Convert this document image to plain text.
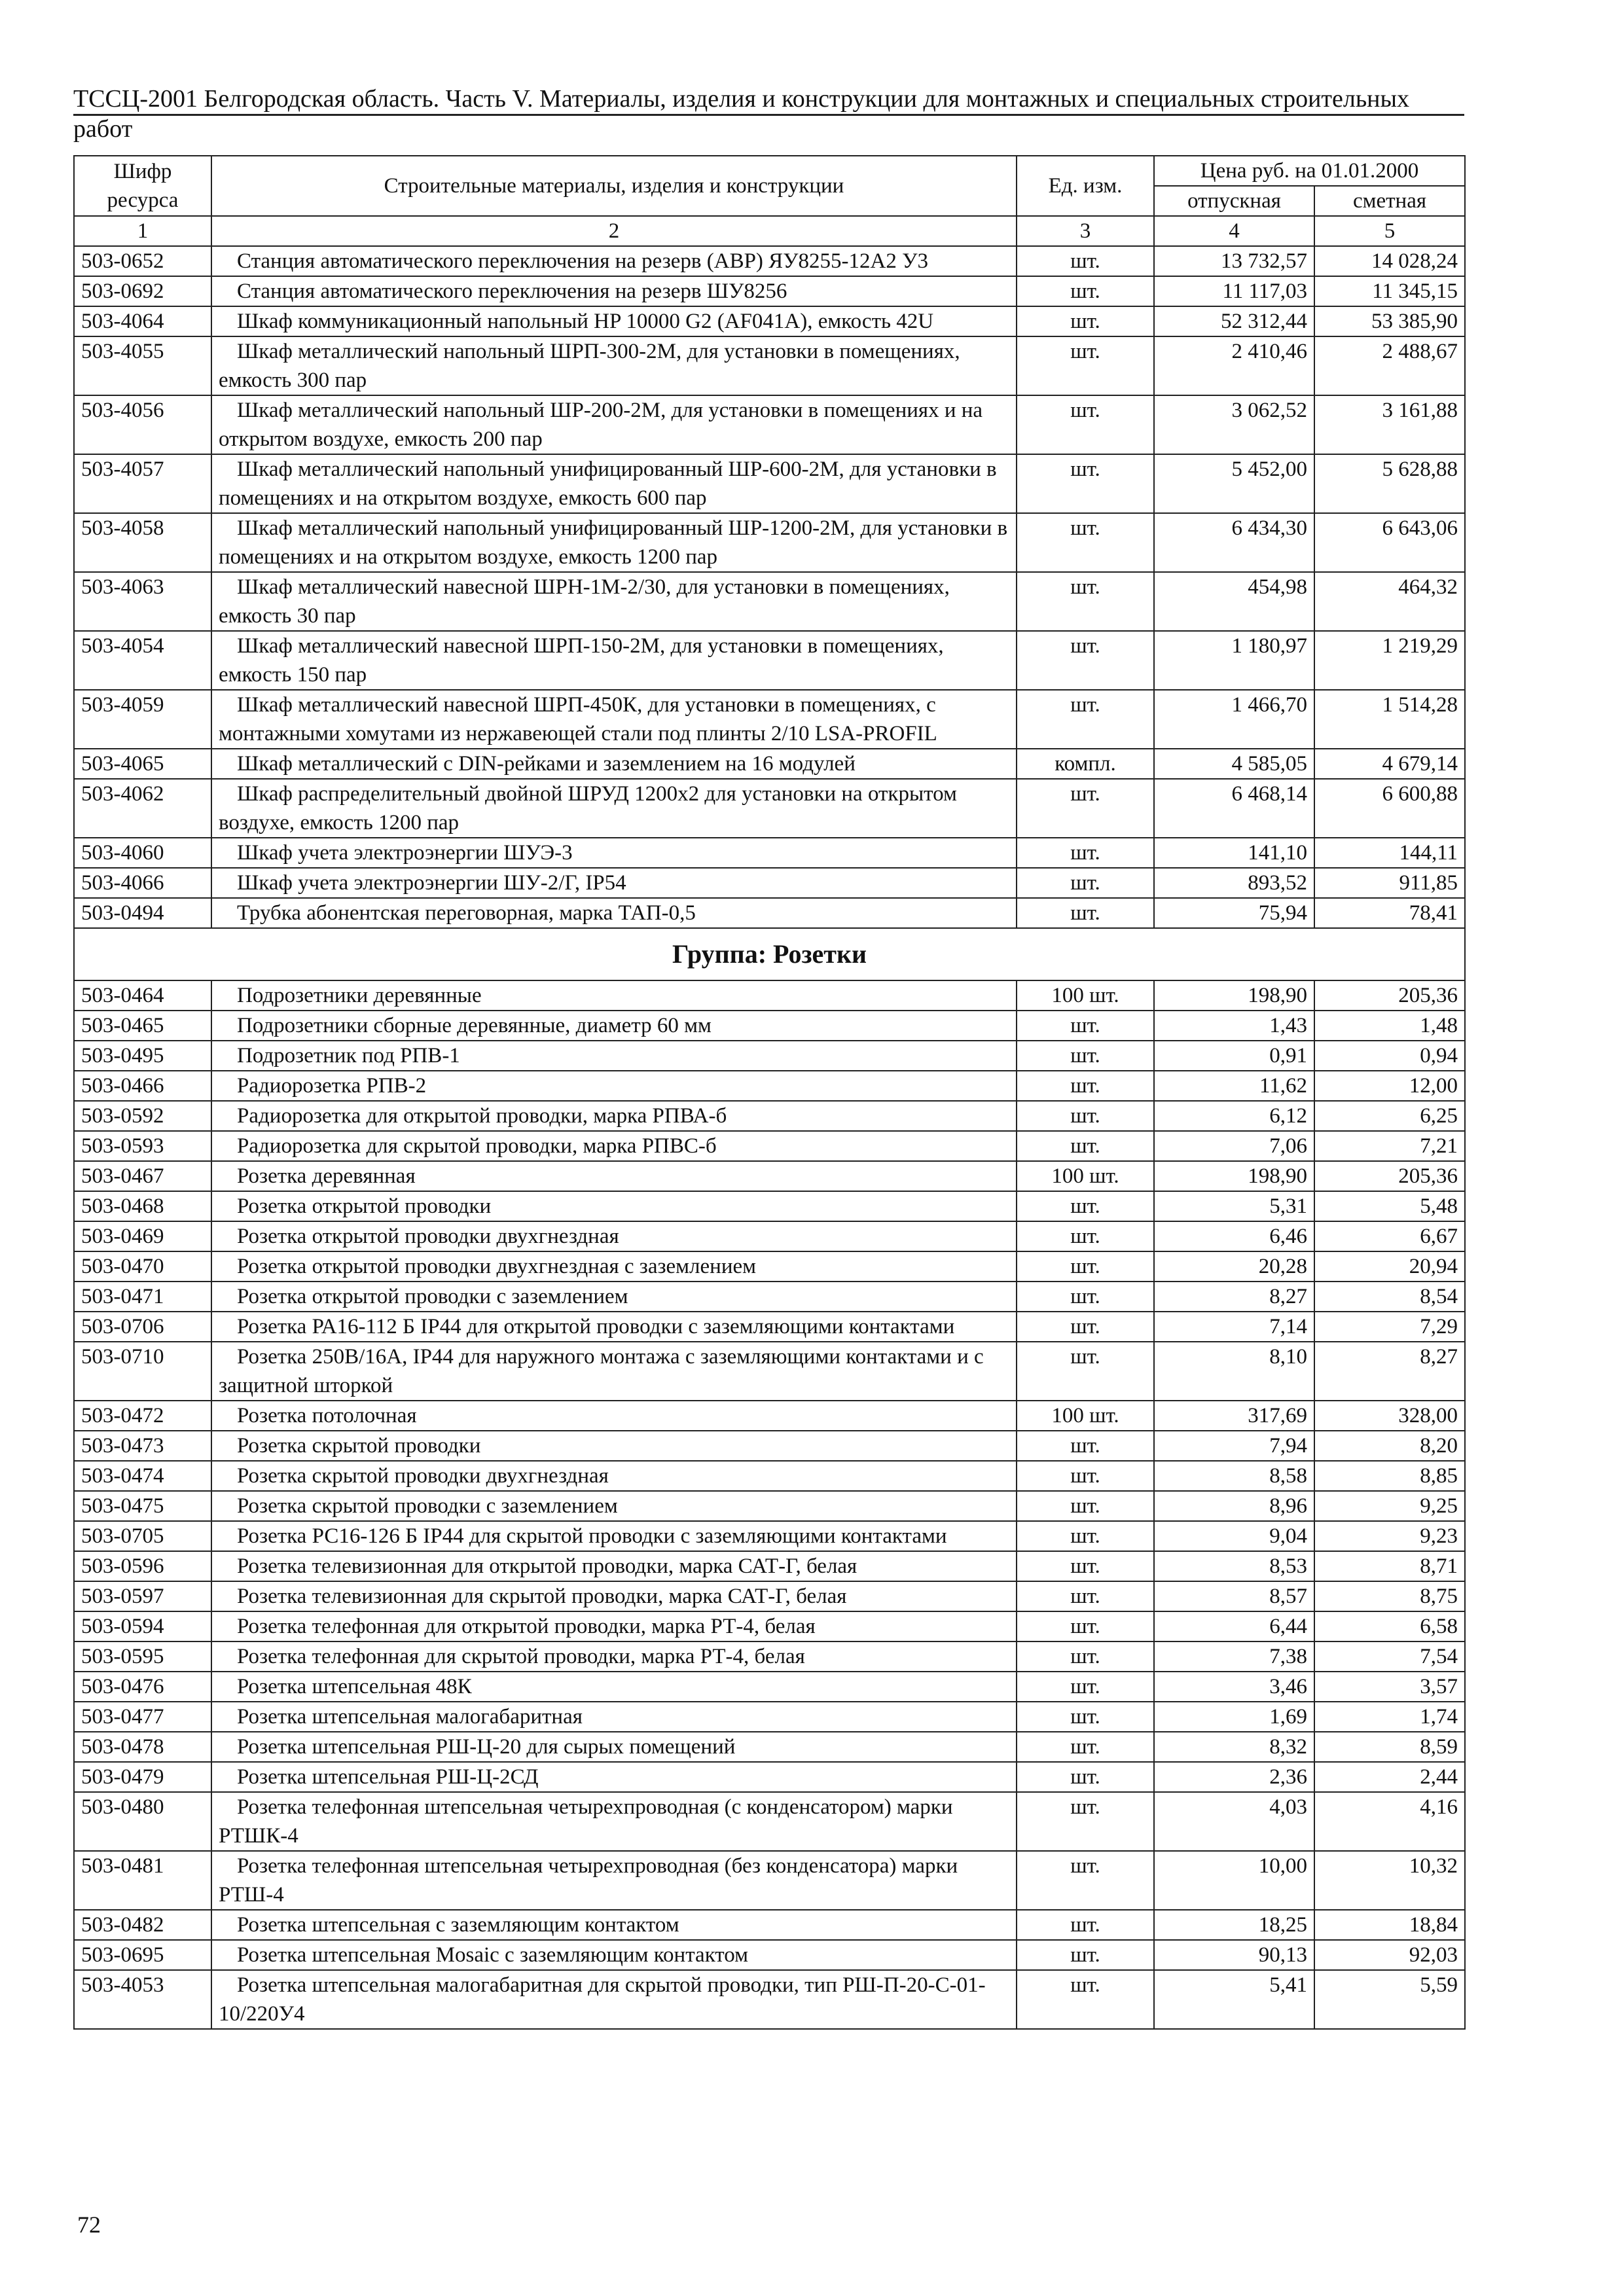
ТССЦ-2001 Белгородская область. Часть V. Материалы, изделия и конструкции для монтажных и специальных строительных работ

Шифр ресурса	Строительные материалы, изделия и конструкции	Ед. изм.	Цена руб. на 01.01.2000	
			отпускная	сметная
1	2	3	4	5
503-0652	Станция автоматического переключения на резерв (АВР) ЯУ8255-12А2 У3	шт.	13 732,57	14 028,24
503-0692	Станция автоматического переключения на резерв ШУ8256	шт.	11 117,03	11 345,15
503-4064	Шкаф коммуникационный напольный HP 10000 G2 (AF041A), емкость 42U	шт.	52 312,44	53 385,90
503-4055	Шкаф металлический напольный ШРП-300-2М, для установки в помещениях, емкость 300 пар	шт.	2 410,46	2 488,67
503-4056	Шкаф металлический напольный ШР-200-2М, для установки в помещениях и на открытом воздухе, емкость 200 пар	шт.	3 062,52	3 161,88
503-4057	Шкаф металлический напольный унифицированный ШР-600-2М, для установки в помещениях и на открытом воздухе, емкость 600 пар	шт.	5 452,00	5 628,88
503-4058	Шкаф металлический напольный унифицированный ШР-1200-2М, для установки в помещениях и на открытом воздухе, емкость 1200 пар	шт.	6 434,30	6 643,06
503-4063	Шкаф металлический навесной ШРН-1М-2/30, для установки в помещениях, емкость 30 пар	шт.	454,98	464,32
503-4054	Шкаф металлический навесной ШРП-150-2М, для установки в помещениях, емкость 150 пар	шт.	1 180,97	1 219,29
503-4059	Шкаф металлический навесной ШРП-450К, для установки в помещениях, с монтажными хомутами из нержавеющей стали под плинты 2/10 LSA-PROFIL	шт.	1 466,70	1 514,28
503-4065	Шкаф металлический с DIN-рейками и заземлением на 16 модулей	компл.	4 585,05	4 679,14
503-4062	Шкаф распределительный двойной ШРУД 1200х2 для установки на открытом воздухе, емкость 1200 пар	шт.	6 468,14	6 600,88
503-4060	Шкаф учета электроэнергии ШУЭ-3	шт.	141,10	144,11
503-4066	Шкаф учета электроэнергии ШУ-2/Г, IP54	шт.	893,52	911,85
503-0494	Трубка абонентская переговорная, марка ТАП-0,5	шт.	75,94	78,41
Группа: Розетки				
503-0464	Подрозетники деревянные	100 шт.	198,90	205,36
503-0465	Подрозетники сборные деревянные, диаметр 60 мм	шт.	1,43	1,48
503-0495	Подрозетник под РПВ-1	шт.	0,91	0,94
503-0466	Радиорозетка РПВ-2	шт.	11,62	12,00
503-0592	Радиорозетка для открытой проводки, марка РПВА-б	шт.	6,12	6,25
503-0593	Радиорозетка для скрытой проводки, марка РПВС-б	шт.	7,06	7,21
503-0467	Розетка деревянная	100 шт.	198,90	205,36
503-0468	Розетка открытой проводки	шт.	5,31	5,48
503-0469	Розетка открытой проводки двухгнездная	шт.	6,46	6,67
503-0470	Розетка открытой проводки двухгнездная с заземлением	шт.	20,28	20,94
503-0471	Розетка открытой проводки с заземлением	шт.	8,27	8,54
503-0706	Розетка РА16-112 Б IP44 для открытой проводки с заземляющими контактами	шт.	7,14	7,29
503-0710	Розетка 250В/16А, IP44 для наружного монтажа с заземляющими контактами и с защитной шторкой	шт.	8,10	8,27
503-0472	Розетка потолочная	100 шт.	317,69	328,00
503-0473	Розетка скрытой проводки	шт.	7,94	8,20
503-0474	Розетка скрытой проводки двухгнездная	шт.	8,58	8,85
503-0475	Розетка скрытой проводки с заземлением	шт.	8,96	9,25
503-0705	Розетка РС16-126 Б IP44 для скрытой проводки с заземляющими контактами	шт.	9,04	9,23
503-0596	Розетка телевизионная для открытой проводки, марка САТ-Г, белая	шт.	8,53	8,71
503-0597	Розетка телевизионная для скрытой проводки, марка САТ-Г, белая	шт.	8,57	8,75
503-0594	Розетка телефонная для открытой проводки, марка РТ-4, белая	шт.	6,44	6,58
503-0595	Розетка телефонная для скрытой проводки, марка РТ-4, белая	шт.	7,38	7,54
503-0476	Розетка штепсельная 48К	шт.	3,46	3,57
503-0477	Розетка штепсельная малогабаритная	шт.	1,69	1,74
503-0478	Розетка штепсельная РШ-Ц-20 для сырых помещений	шт.	8,32	8,59
503-0479	Розетка штепсельная РШ-Ц-2СД	шт.	2,36	2,44
503-0480	Розетка телефонная штепсельная четырехпроводная (с конденсатором) марки РТШК-4	шт.	4,03	4,16
503-0481	Розетка телефонная штепсельная четырехпроводная (без конденсатора) марки РТШ-4	шт.	10,00	10,32
503-0482	Розетка штепсельная с заземляющим контактом	шт.	18,25	18,84
503-0695	Розетка штепсельная Mosaic с заземляющим контактом	шт.	90,13	92,03
503-4053	Розетка штепсельная малогабаритная для скрытой проводки, тип РШ-П-20-С-01-10/220У4	шт.	5,41	5,59
72
